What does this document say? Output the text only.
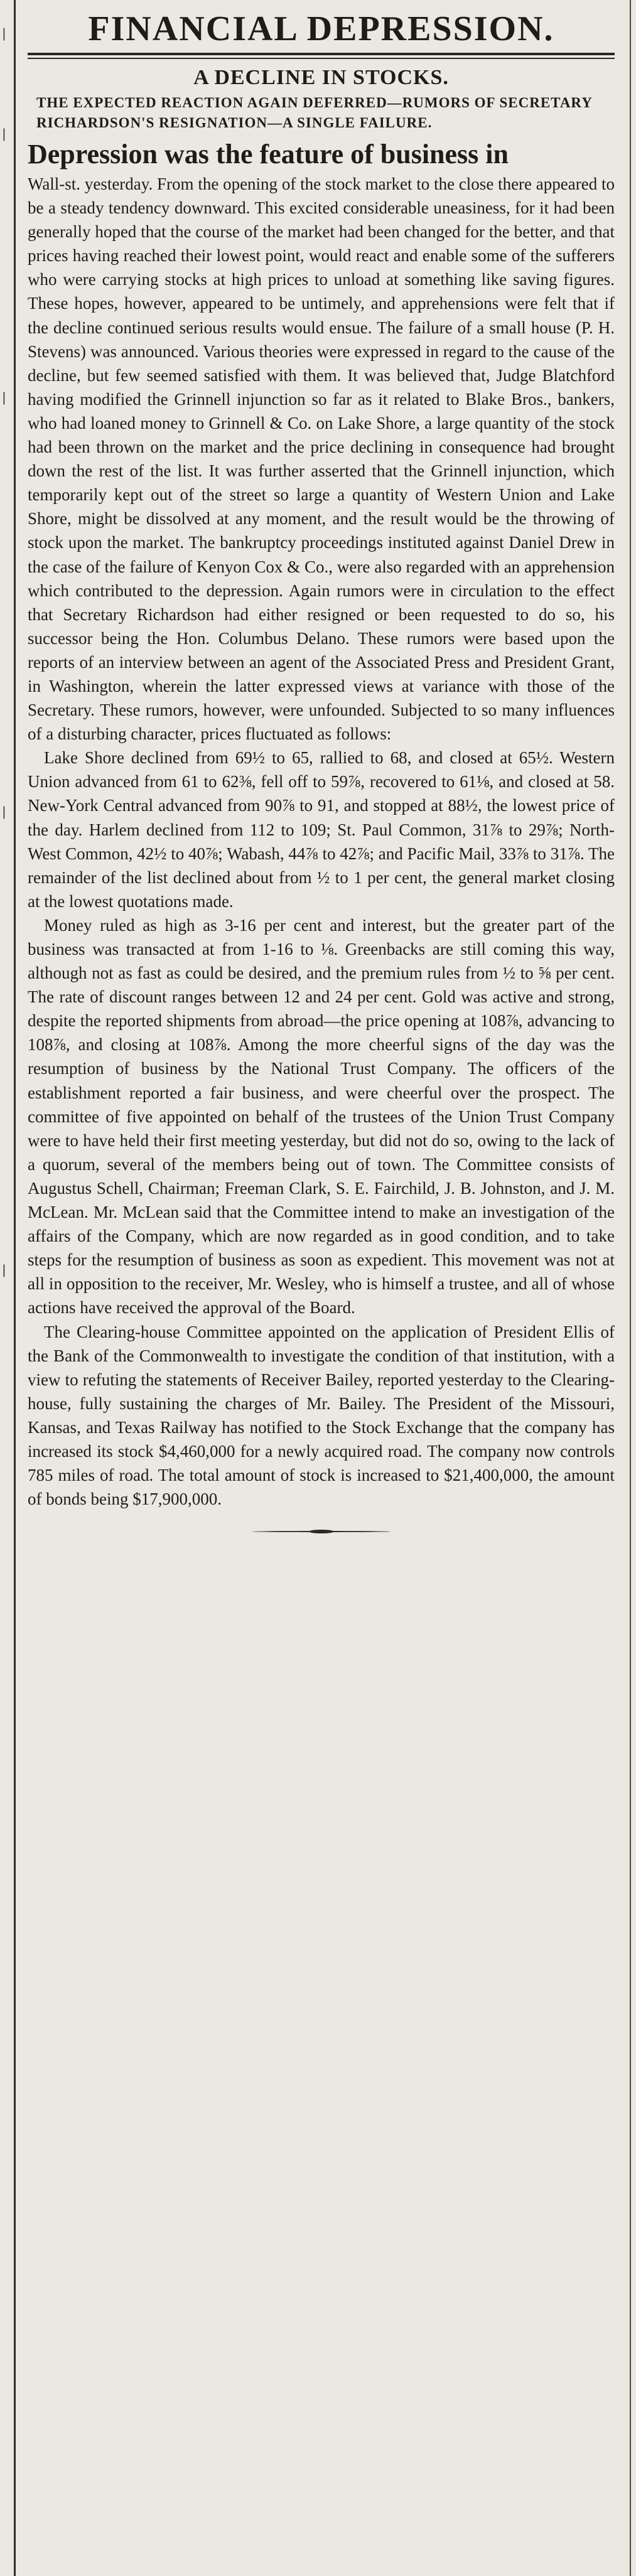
|
|
|
|
|
FINANCIAL DEPRESSION.
A DECLINE IN STOCKS.
THE EXPECTED REACTION AGAIN DEFERRED—RUMORS OF SECRETARY RICHARDSON'S RESIGNATION—A SINGLE FAILURE.
Depression was the feature of business in
Wall-st. yesterday. From the opening of the stock market to the close there appeared to be a steady tendency downward. This excited considerable uneasiness, for it had been generally hoped that the course of the market had been changed for the better, and that prices having reached their lowest point, would react and enable some of the sufferers who were carrying stocks at high prices to unload at something like saving figures. These hopes, however, appeared to be untimely, and apprehensions were felt that if the decline continued serious results would ensue. The failure of a small house (P. H. Stevens) was announced. Various theories were expressed in regard to the cause of the decline, but few seemed satisfied with them. It was believed that, Judge Blatchford having modified the Grinnell injunction so far as it related to Blake Bros., bankers, who had loaned money to Grinnell & Co. on Lake Shore, a large quantity of the stock had been thrown on the market and the price declining in consequence had brought down the rest of the list. It was further asserted that the Grinnell injunction, which temporarily kept out of the street so large a quantity of Western Union and Lake Shore, might be dissolved at any moment, and the result would be the throwing of stock upon the market. The bankruptcy proceedings instituted against Daniel Drew in the case of the failure of Kenyon Cox & Co., were also regarded with an apprehension which contributed to the depression. Again rumors were in circulation to the effect that Secretary Richardson had either resigned or been requested to do so, his successor being the Hon. Columbus Delano. These rumors were based upon the reports of an interview between an agent of the Associated Press and President Grant, in Washington, wherein the latter expressed views at variance with those of the Secretary. These rumors, however, were unfounded. Subjected to so many influences of a disturbing character, prices fluctuated as follows:

Lake Shore declined from 69½ to 65, rallied to 68, and closed at 65½. Western Union advanced from 61 to 62⅜, fell off to 59⅞, recovered to 61⅛, and closed at 58. New-York Central advanced from 90⅞ to 91, and stopped at 88½, the lowest price of the day. Harlem declined from 112 to 109; St. Paul Common, 31⅞ to 29⅞; North-West Common, 42½ to 40⅞; Wabash, 44⅞ to 42⅞; and Pacific Mail, 33⅞ to 31⅞. The remainder of the list declined about from ½ to 1 per cent, the general market closing at the lowest quotations made.

Money ruled as high as 3-16 per cent and interest, but the greater part of the business was transacted at from 1-16 to ⅛. Greenbacks are still coming this way, although not as fast as could be desired, and the premium rules from ½ to ⅝ per cent. The rate of discount ranges between 12 and 24 per cent. Gold was active and strong, despite the reported shipments from abroad—the price opening at 108⅞, advancing to 108⅞, and closing at 108⅞. Among the more cheerful signs of the day was the resumption of business by the National Trust Company. The officers of the establishment reported a fair business, and were cheerful over the prospect. The committee of five appointed on behalf of the trustees of the Union Trust Company were to have held their first meeting yesterday, but did not do so, owing to the lack of a quorum, several of the members being out of town. The Committee consists of Augustus Schell, Chairman; Freeman Clark, S. E. Fairchild, J. B. Johnston, and J. M. McLean. Mr. McLean said that the Committee intend to make an investigation of the affairs of the Company, which are now regarded as in good condition, and to take steps for the resumption of business as soon as expedient. This movement was not at all in opposition to the receiver, Mr. Wesley, who is himself a trustee, and all of whose actions have received the approval of the Board.

The Clearing-house Committee appointed on the application of President Ellis of the Bank of the Commonwealth to investigate the condition of that institution, with a view to refuting the statements of Receiver Bailey, reported yesterday to the Clearing-house, fully sustaining the charges of Mr. Bailey. The President of the Missouri, Kansas, and Texas Railway has notified to the Stock Exchange that the company has increased its stock $4,460,000 for a newly acquired road. The company now controls 785 miles of road. The total amount of stock is increased to $21,400,000, the amount of bonds being $17,900,000.
